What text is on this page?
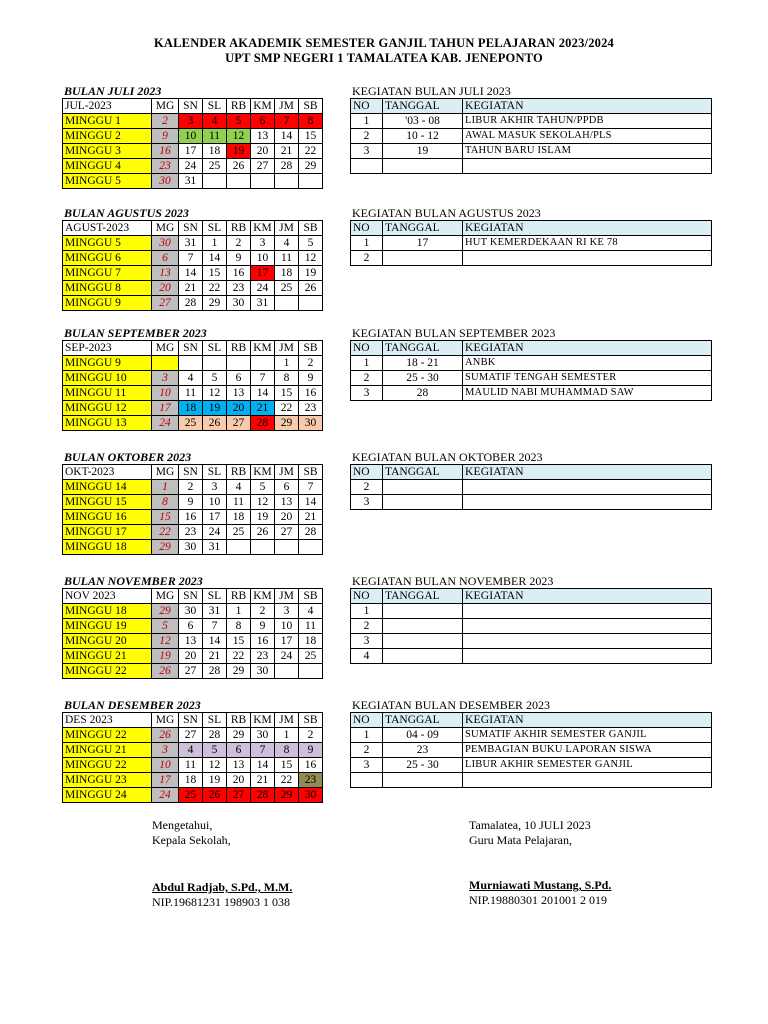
KALENDER AKADEMIK SEMESTER GANJIL TAHUN PELAJARAN 2023/2024
UPT SMP NEGERI 1 TAMALATEA KAB. JENEPONTO
BULAN JULI 2023	KEGIATAN BULAN JULI 2023
JUL-2023	MG	SN	SL	RB	KM	JM	SB
MINGGU 1	2	3	4	5	6	7	8
MINGGU 2	9	10	11	12	13	14	15
MINGGU 3	16	17	18	19	20	21	22
MINGGU 4	23	24	25	26	27	28	29
MINGGU 5	30	31					
NO	TANGGAL	KEGIATAN
1	'03 - 08	LIBUR AKHIR TAHUN/PPDB
2	10 - 12	AWAL MASUK SEKOLAH/PLS
3	19	TAHUN BARU ISLAM

BULAN AGUSTUS 2023	KEGIATAN BULAN AGUSTUS 2023
AGUST-2023	MG	SN	SL	RB	KM	JM	SB
MINGGU 5	30	31	1	2	3	4	5
MINGGU 6	6	7	14	9	10	11	12
MINGGU 7	13	14	15	16	17	18	19
MINGGU 8	20	21	22	23	24	25	26
MINGGU 9	27	28	29	30	31		
NO	TANGGAL	KEGIATAN
1	17	HUT KEMERDEKAAN RI KE 78
2		
BULAN SEPTEMBER 2023	KEGIATAN BULAN SEPTEMBER 2023
SEP-2023	MG	SN	SL	RB	KM	JM	SB
MINGGU 9						1	2
MINGGU 10	3	4	5	6	7	8	9
MINGGU 11	10	11	12	13	14	15	16
MINGGU 12	17	18	19	20	21	22	23
MINGGU 13	24	25	26	27	28	29	30
NO	TANGGAL	KEGIATAN
1	18 - 21	ANBK
2	25 - 30	SUMATIF TENGAH SEMESTER
3	28	MAULID NABI MUHAMMAD SAW
BULAN OKTOBER 2023	KEGIATAN BULAN OKTOBER 2023
OKT-2023	MG	SN	SL	RB	KM	JM	SB
MINGGU 14	1	2	3	4	5	6	7
MINGGU 15	8	9	10	11	12	13	14
MINGGU 16	15	16	17	18	19	20	21
MINGGU 17	22	23	24	25	26	27	28
MINGGU 18	29	30	31				
NO	TANGGAL	KEGIATAN
2		
3		
BULAN NOVEMBER 2023	KEGIATAN BULAN NOVEMBER 2023
NOV 2023	MG	SN	SL	RB	KM	JM	SB
MINGGU 18	29	30	31	1	2	3	4
MINGGU 19	5	6	7	8	9	10	11
MINGGU 20	12	13	14	15	16	17	18
MINGGU 21	19	20	21	22	23	24	25
MINGGU 22	26	27	28	29	30		
NO	TANGGAL	KEGIATAN
1		
2		
3		
4		
BULAN DESEMBER 2023	KEGIATAN BULAN DESEMBER 2023
DES 2023	MG	SN	SL	RB	KM	JM	SB
MINGGU 22	26	27	28	29	30	1	2
MINGGU 21	3	4	5	6	7	8	9
MINGGU 22	10	11	12	13	14	15	16
MINGGU 23	17	18	19	20	21	22	23
MINGGU 24	24	25	26	27	28	29	30
NO	TANGGAL	KEGIATAN
1	04 - 09	SUMATIF AKHIR SEMESTER GANJIL
2	23	PEMBAGIAN BUKU LAPORAN SISWA
3	25 - 30	LIBUR AKHIR SEMESTER GANJIL

Mengetahui,
Kepala Sekolah,
Abdul Radjab, S.Pd., M.M.
NIP.19681231 198903 1 038
Tamalatea, 10 JULI 2023
Guru Mata Pelajaran,
Murniawati Mustang, S.Pd.
NIP.19880301 201001 2 019
